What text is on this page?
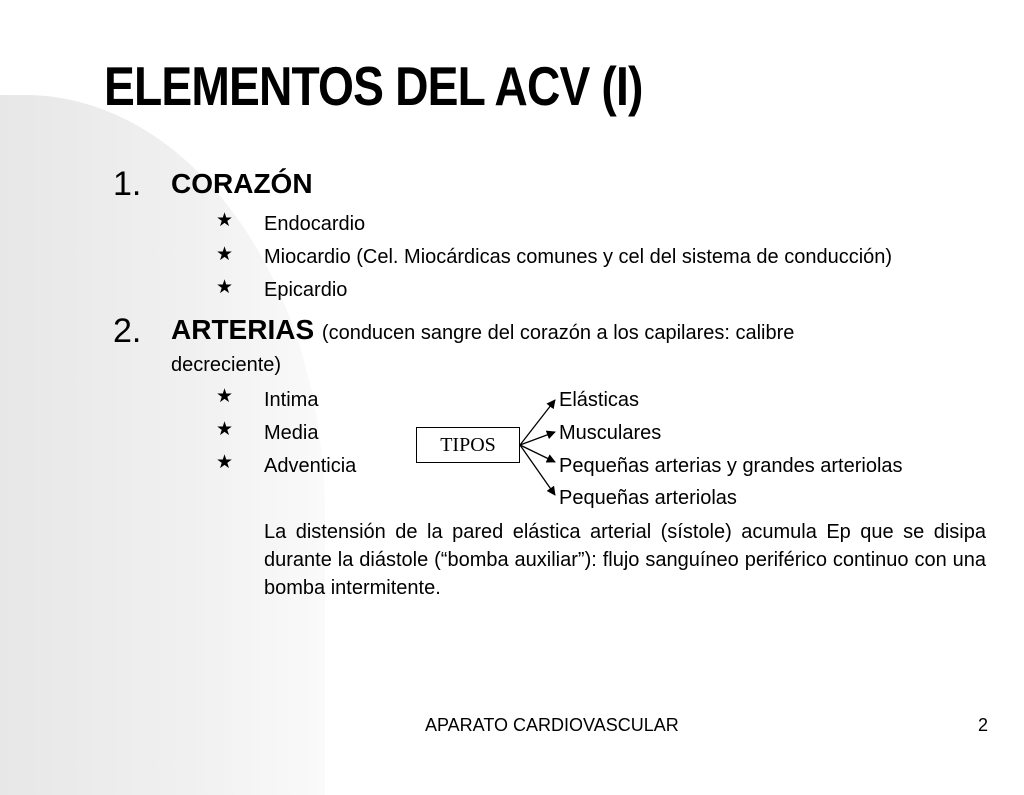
ELEMENTOS DEL ACV (I)
1. CORAZÓN
★ Endocardio
★ Miocardio (Cel. Miocárdicas comunes y cel del sistema de conducción)
★ Epicardio
2. ARTERIAS (conducen sangre del corazón a los capilares: calibre
decreciente)
★ Intima
★ Media
★ Adventicia
TIPOS
Elásticas
Musculares
Pequeñas arterias y grandes arteriolas
Pequeñas arteriolas
La distensión de la pared elástica arterial (sístole) acumula Ep que se disipa durante la diástole (“bomba auxiliar”): flujo sanguíneo periférico continuo con una bomba intermitente.
APARATO CARDIOVASCULAR	2
